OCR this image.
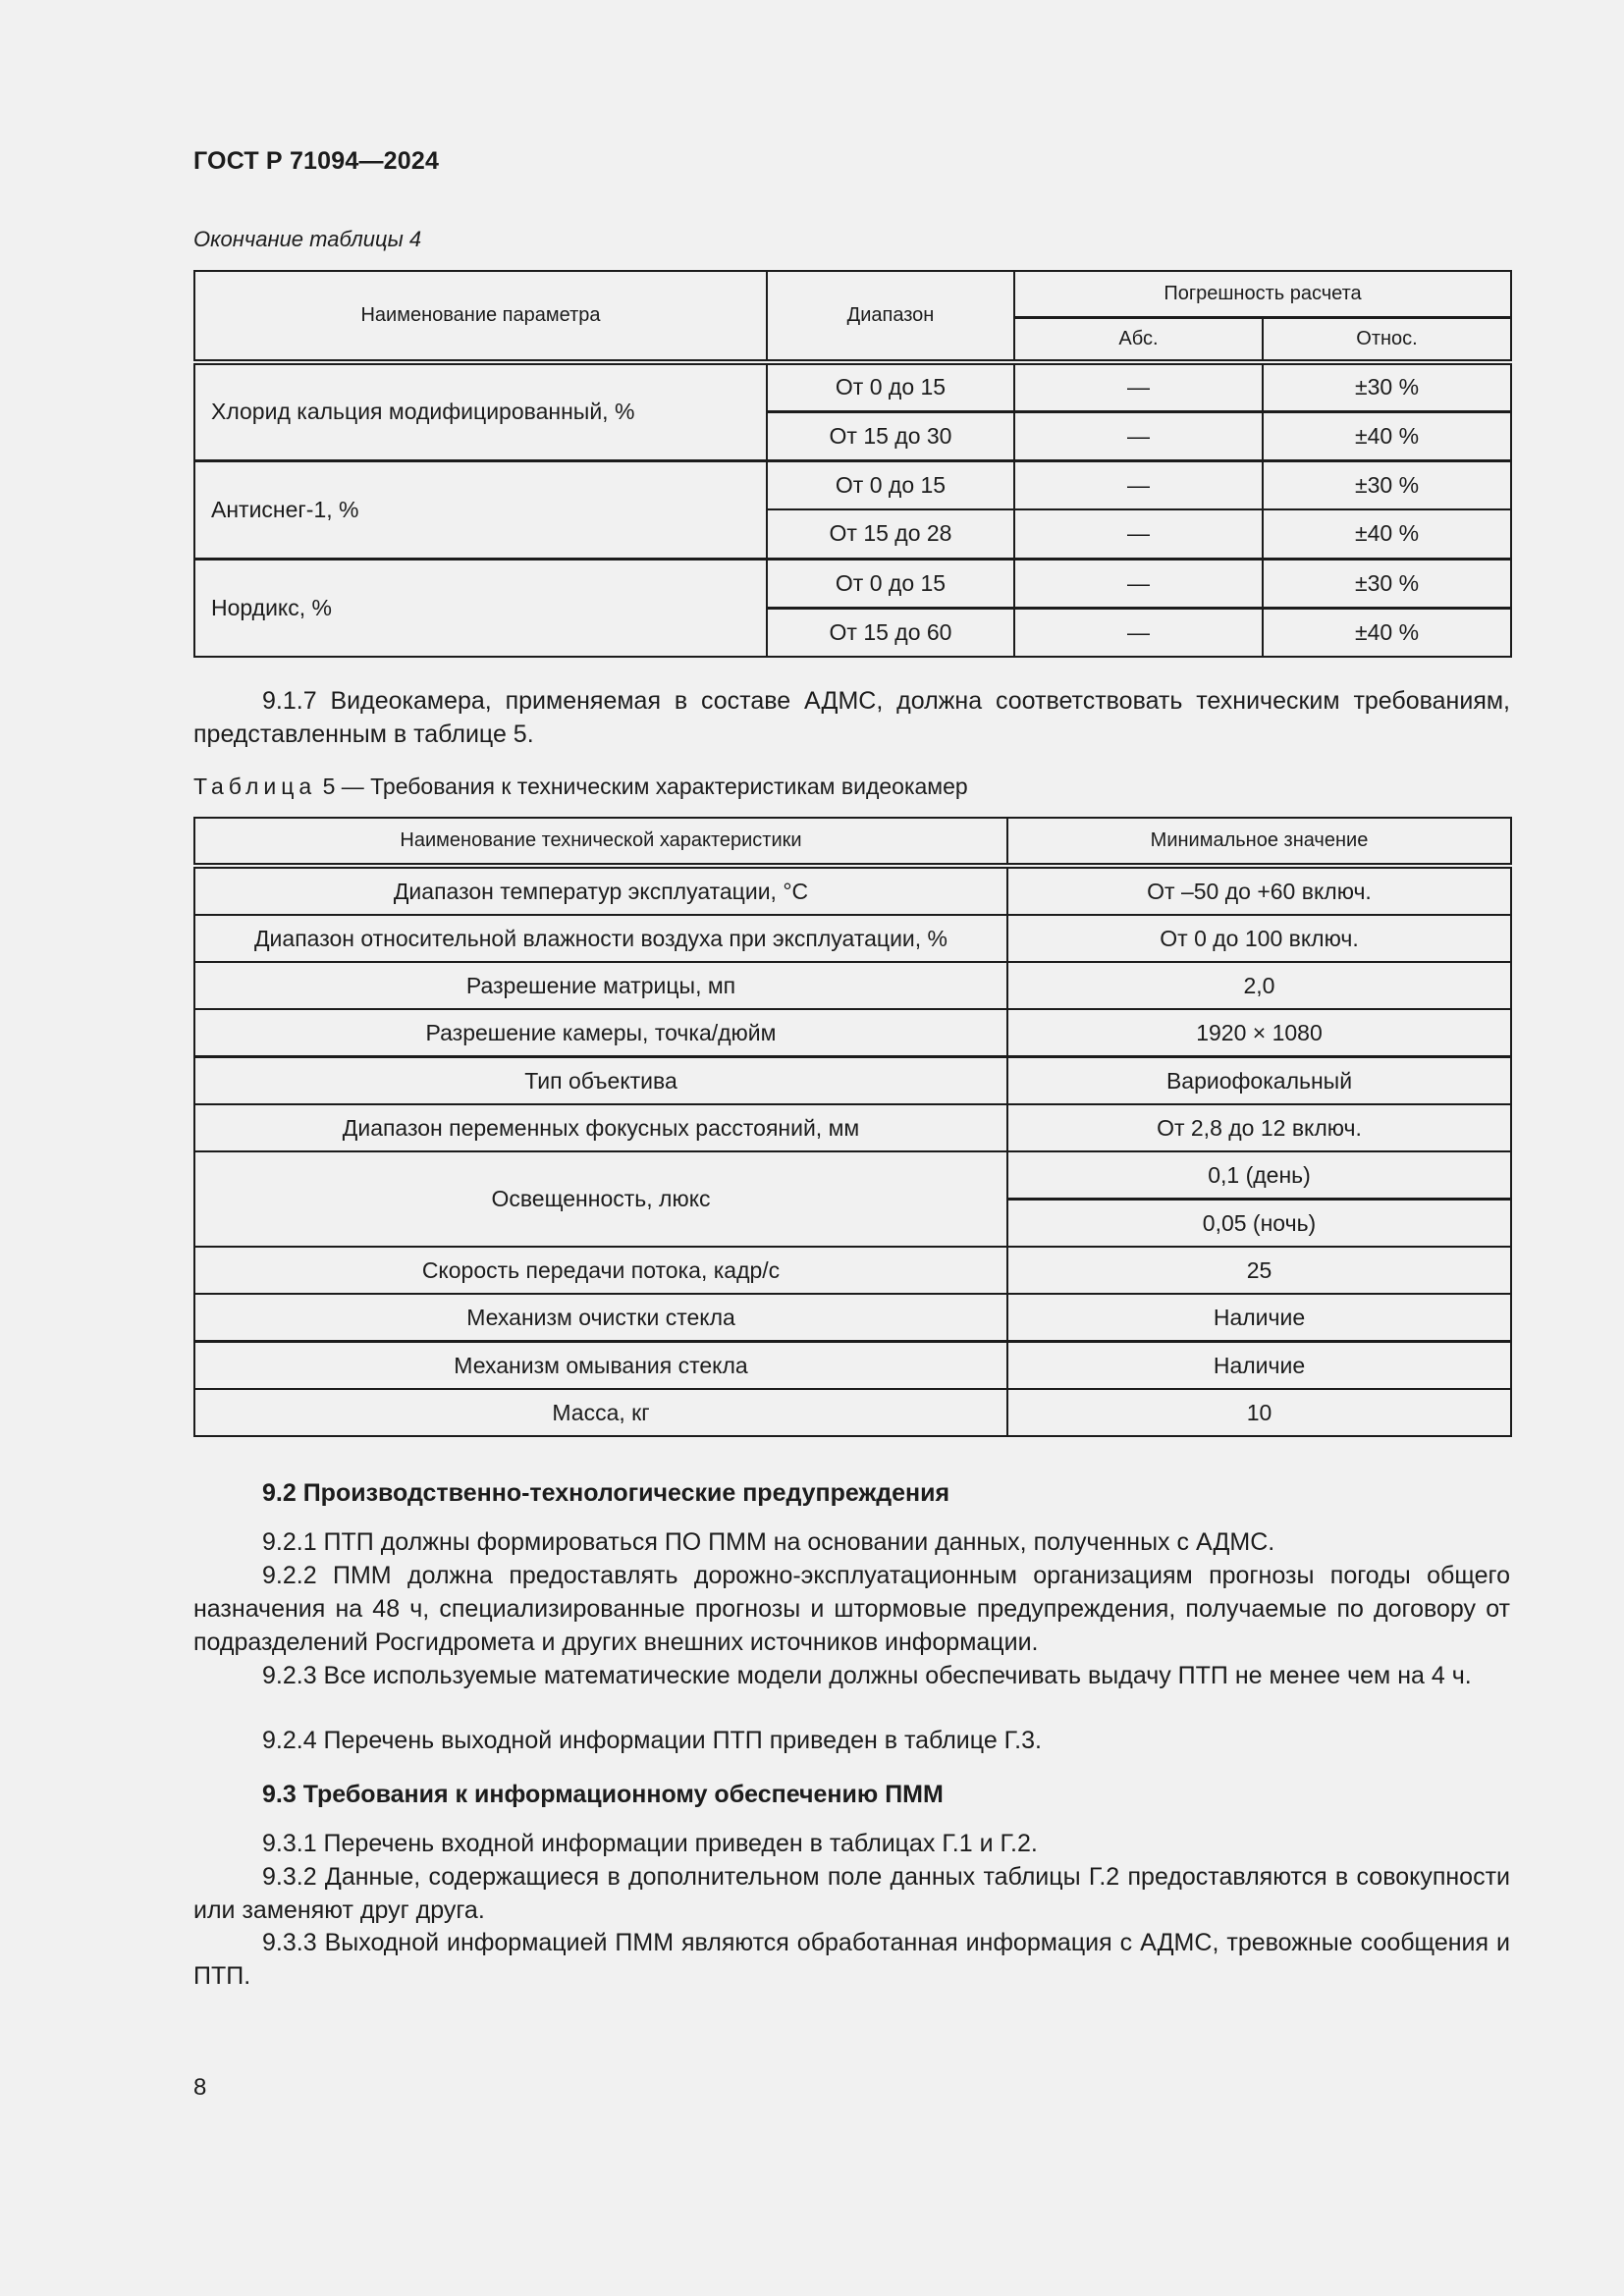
ГОСТ Р 71094—2024
Окончание таблицы 4
Наименование параметра	Диапазон	Погрешность расчета	
		Абс.	Относ.
Хлорид кальция модифицированный, %	От 0 до 15	—	±30 %
	От 15 до 30	—	±40 %
Антиснег-1, %	От 0 до 15	—	±30 %
	От 15 до 28	—	±40 %
Нордикс, %	От 0 до 15	—	±30 %
	От 15 до 60	—	±40 %
9.1.7 Видеокамера, применяемая в составе АДМС, должна соответствовать техническим требованиям, представленным в таблице 5.
Таблица 5 — Требования к техническим характеристикам видеокамер
Наименование технической характеристики	Минимальное значение
Диапазон температур эксплуатации, °С	От –50 до +60 включ.
Диапазон относительной влажности воздуха при эксплуатации, %	От 0 до 100 включ.
Разрешение матрицы, мп	2,0
Разрешение камеры, точка/дюйм	1920 × 1080
Тип объектива	Вариофокальный
Диапазон переменных фокусных расстояний, мм	От 2,8 до 12 включ.
Освещенность, люкс	0,1 (день)
	0,05 (ночь)
Скорость передачи потока, кадр/с	25
Механизм очистки стекла	Наличие
Механизм омывания стекла	Наличие
Масса, кг	10
9.2 Производственно-технологические предупреждения
9.2.1 ПТП должны формироваться ПО ПММ на основании данных, полученных с АДМС.
9.2.2 ПММ должна предоставлять дорожно-эксплуатационным организациям прогнозы погоды общего назначения на 48 ч, специализированные прогнозы и штормовые предупреждения, получаемые по договору от подразделений Росгидромета и других внешних источников информации.
9.2.3 Все используемые математические модели должны обеспечивать выдачу ПТП не менее чем на 4 ч.
9.2.4 Перечень выходной информации ПТП приведен в таблице Г.3.
9.3 Требования к информационному обеспечению ПММ
9.3.1 Перечень входной информации приведен в таблицах Г.1 и Г.2.
9.3.2 Данные, содержащиеся в дополнительном поле данных таблицы Г.2 предоставляются в совокупности или заменяют друг друга.
9.3.3 Выходной информацией ПММ являются обработанная информация с АДМС, тревожные сообщения и ПТП.
8
